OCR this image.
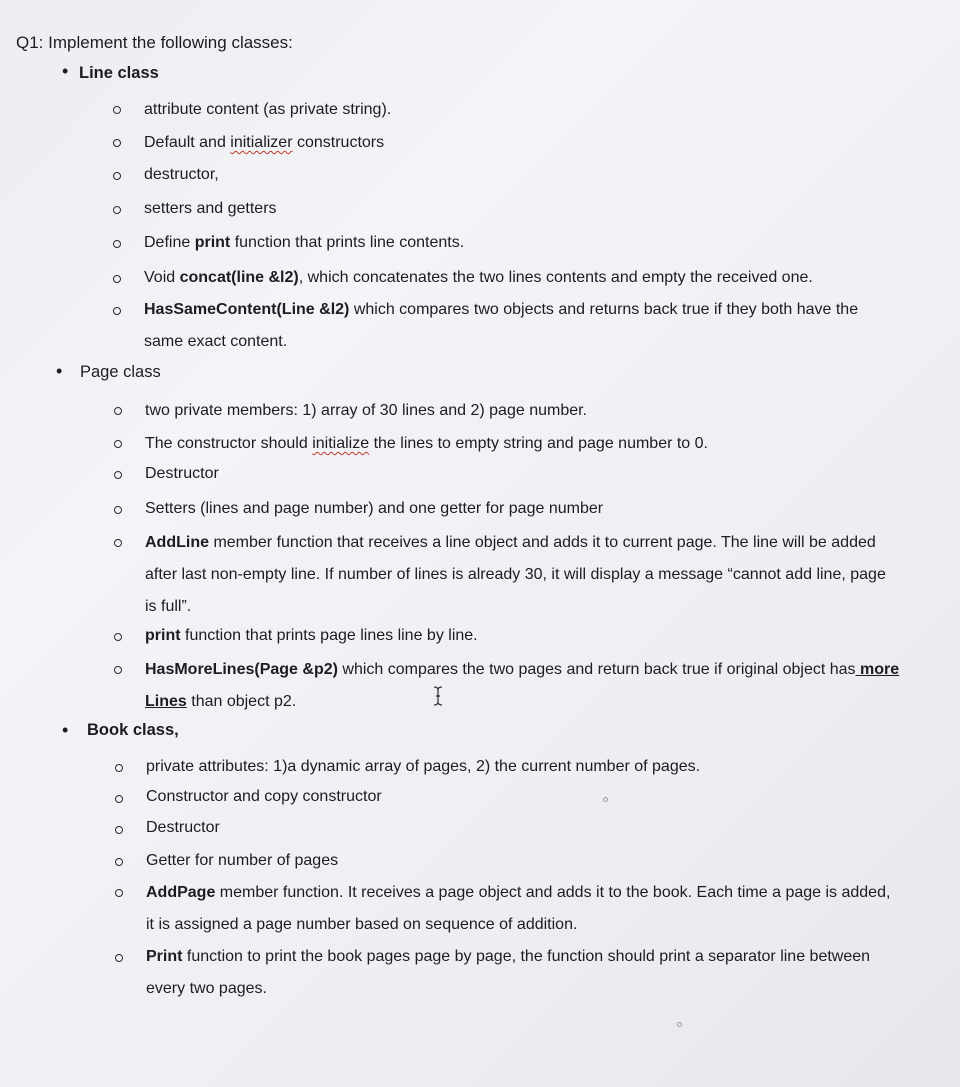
Q1: Implement the following classes:
• Line class
attribute content (as private string).
Default and initializer constructors
destructor,
setters and getters
Define print function that prints line contents.
Void concat(line &l2), which concatenates the two lines contents and empty the received one.
HasSameContent(Line &l2) which compares two objects and returns back true if they both have the same exact content.
• Page class
two private members: 1) array of 30 lines and 2) page number.
The constructor should initialize the lines to empty string and page number to 0.
Destructor
Setters (lines and page number) and one getter for page number
AddLine member function that receives a line object and adds it to current page. The line will be added after last non-empty line. If number of lines is already 30, it will display a message “cannot add line, page is full”.
print function that prints page lines line by line.
HasMoreLines(Page &p2) which compares the two pages and return back true if original object has more Lines than object p2.
• Book class,
private attributes: 1)a dynamic array of pages, 2) the current number of pages.
Constructor and copy constructor
Destructor
Getter for number of pages
AddPage member function. It receives a page object and adds it to the book. Each time a page is added, it is assigned a page number based on sequence of addition.
Print function to print the book pages page by page, the function should print a separator line between every two pages.
